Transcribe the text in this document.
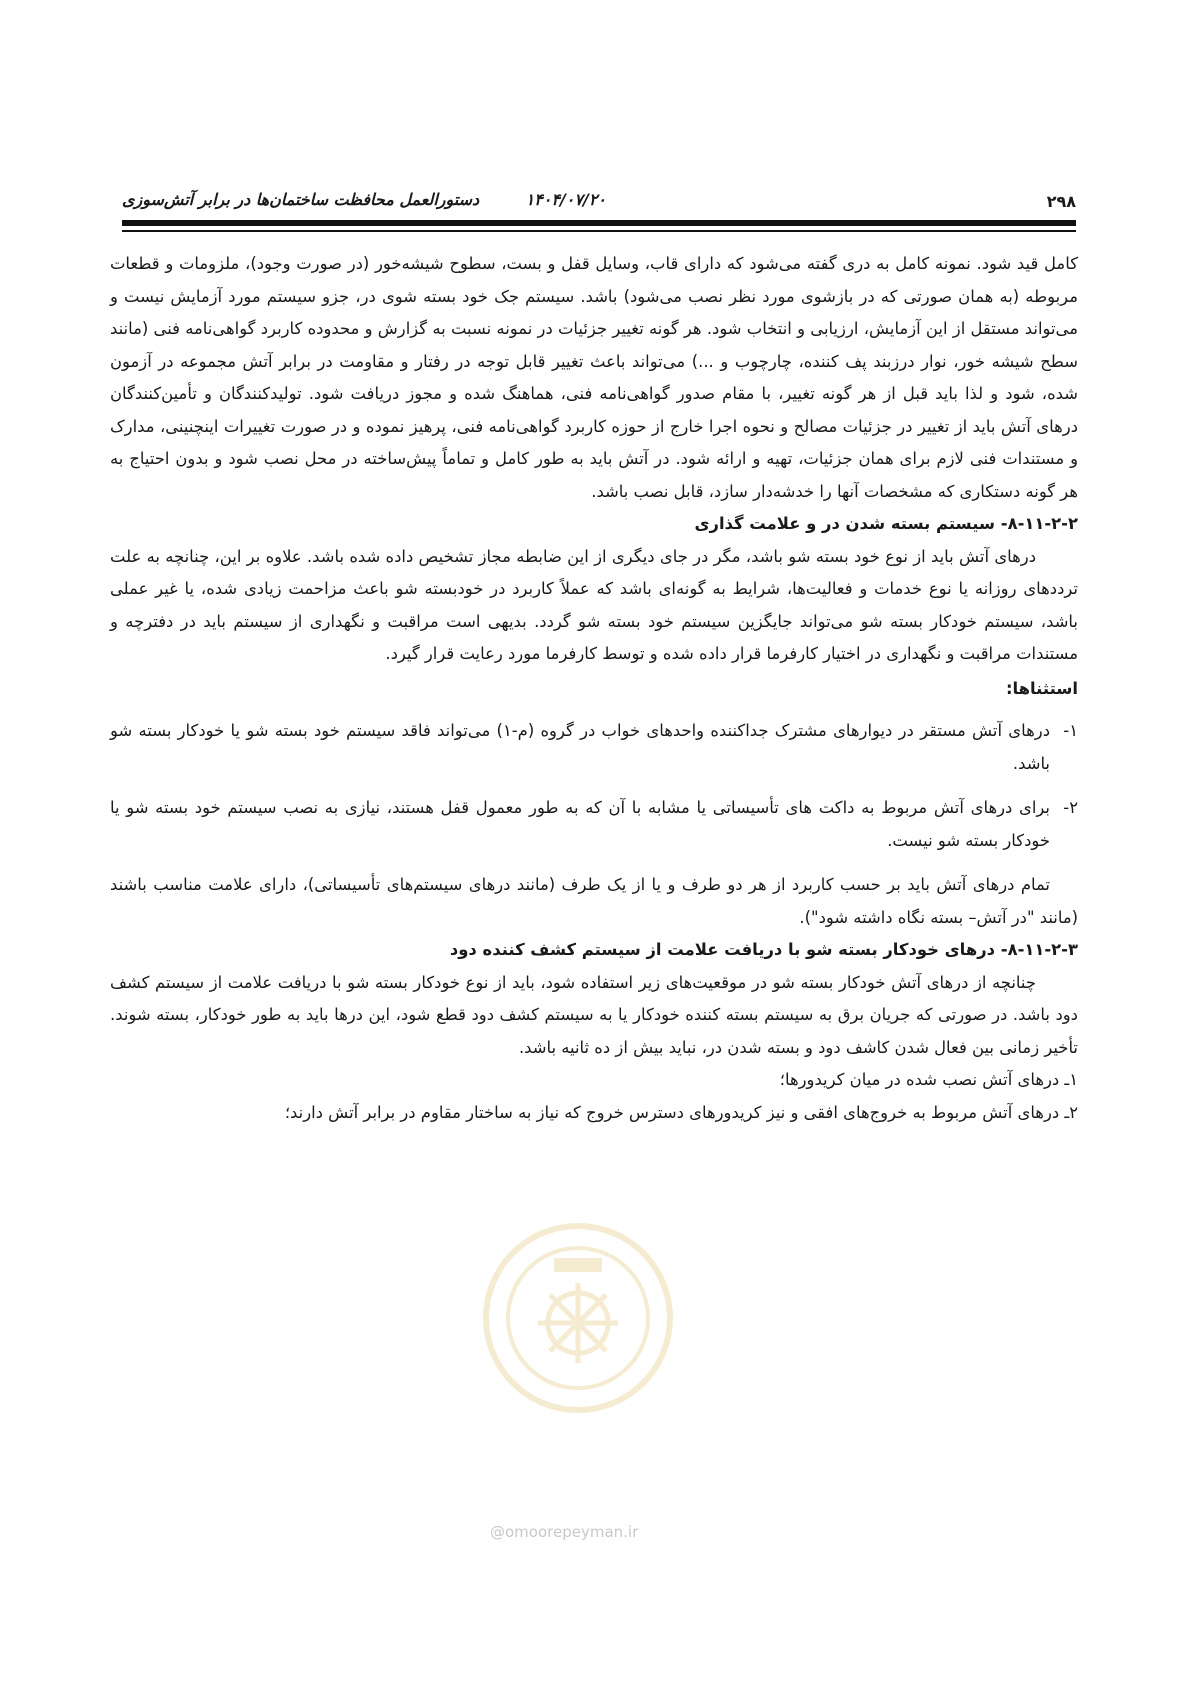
۲۹۸
۱۴۰۴/۰۷/۲۰
دستورالعمل محافظت ساختمان‌ها در برابر آتش‌سوزی

کامل قید شود. نمونه کامل به دری گفته می‌شود که دارای قاب، وسایل قفل و بست، سطوح شیشه‌خور (در صورت وجود)، ملزومات و قطعات مربوطه (به همان صورتی که در بازشوی مورد نظر نصب می‌شود) باشد. سیستم جک خود بسته شوی در، جزو سیستم مورد آزمایش نیست و می‌تواند مستقل از این آزمایش، ارزیابی و انتخاب شود. هر گونه تغییر جزئیات در نمونه نسبت به گزارش و محدوده کاربرد گواهی‌نامه فنی (مانند سطح شیشه خور، نوار درزبند پف کننده، چارچوب و ...) می‌تواند باعث تغییر قابل توجه در رفتار و مقاومت در برابر آتش مجموعه در آزمون شده، شود و لذا باید قبل از هر گونه تغییر، با مقام صدور گواهی‌نامه فنی، هماهنگ شده و مجوز دریافت شود. تولیدکنندگان و تأمین‌کنندگان درهای آتش باید از تغییر در جزئیات مصالح و نحوه اجرا خارج از حوزه کاربرد گواهی‌نامه فنی، پرهیز نموده و در صورت تغییرات اینچنینی، مدارک و مستندات فنی لازم برای همان جزئیات، تهیه و ارائه شود. در آتش باید به طور کامل و تماماً پیش‌ساخته در محل نصب شود و بدون احتیاج به هر گونه دستکاری که مشخصات آنها را خدشه‌دار سازد، قابل نصب باشد.

۸-۱۱-۲-۲- سیستم بسته شدن در و علامت گذاری

درهای آتش باید از نوع خود بسته شو باشد، مگر در جای دیگری از این ضابطه مجاز تشخیص داده شده باشد. علاوه بر این، چنانچه به علت ترددهای روزانه یا نوع خدمات و فعالیت‌ها، شرایط به گونه‌ای باشد که عملاً کاربرد در خودبسته شو باعث مزاحمت زیادی شده، یا غیر عملی باشد، سیستم خودکار بسته شو می‌تواند جایگزین سیستم خود بسته شو گردد. بدیهی است مراقبت و نگهداری از سیستم باید در دفترچه و مستندات مراقبت و نگهداری در اختیار کارفرما قرار داده شده و توسط کارفرما مورد رعایت قرار گیرد.

استثناها:

۱-
درهای آتش مستقر در دیوارهای مشترک جداکننده واحدهای خواب در گروه (م-۱) می‌تواند فاقد سیستم خود بسته شو یا خودکار بسته شو باشد.

۲-
برای درهای آتش مربوط به داکت های تأسیساتی یا مشابه با آن که به طور معمول قفل هستند، نیازی به نصب سیستم خود بسته شو یا خودکار بسته شو نیست.

تمام درهای آتش باید بر حسب کاربرد از هر دو طرف و یا از یک طرف (مانند درهای سیستم‌های تأسیساتی)، دارای علامت مناسب باشند (مانند "در آتش– بسته نگاه داشته شود").

۸-۱۱-۲-۳- درهای خودکار بسته شو با دریافت علامت از سیستم کشف کننده دود

چنانچه از درهای آتش خودکار بسته شو در موقعیت‌های زیر استفاده شود، باید از نوع خودکار بسته شو با دریافت علامت از سیستم کشف دود باشد. در صورتی که جریان برق به سیستم بسته کننده خودکار یا به سیستم کشف دود قطع شود، این درها باید به طور خودکار، بسته شوند. تأخیر زمانی بین فعال شدن کاشف دود و بسته شدن در، نباید بیش از ده ثانیه باشد.

۱ـ درهای آتش نصب شده در میان کریدورها؛

۲ـ درهای آتش مربوط به خروج‌های افقی و نیز کریدورهای دسترس خروج که نیاز به ساختار مقاوم در برابر آتش دارند؛

@omoorepeyman.ir
